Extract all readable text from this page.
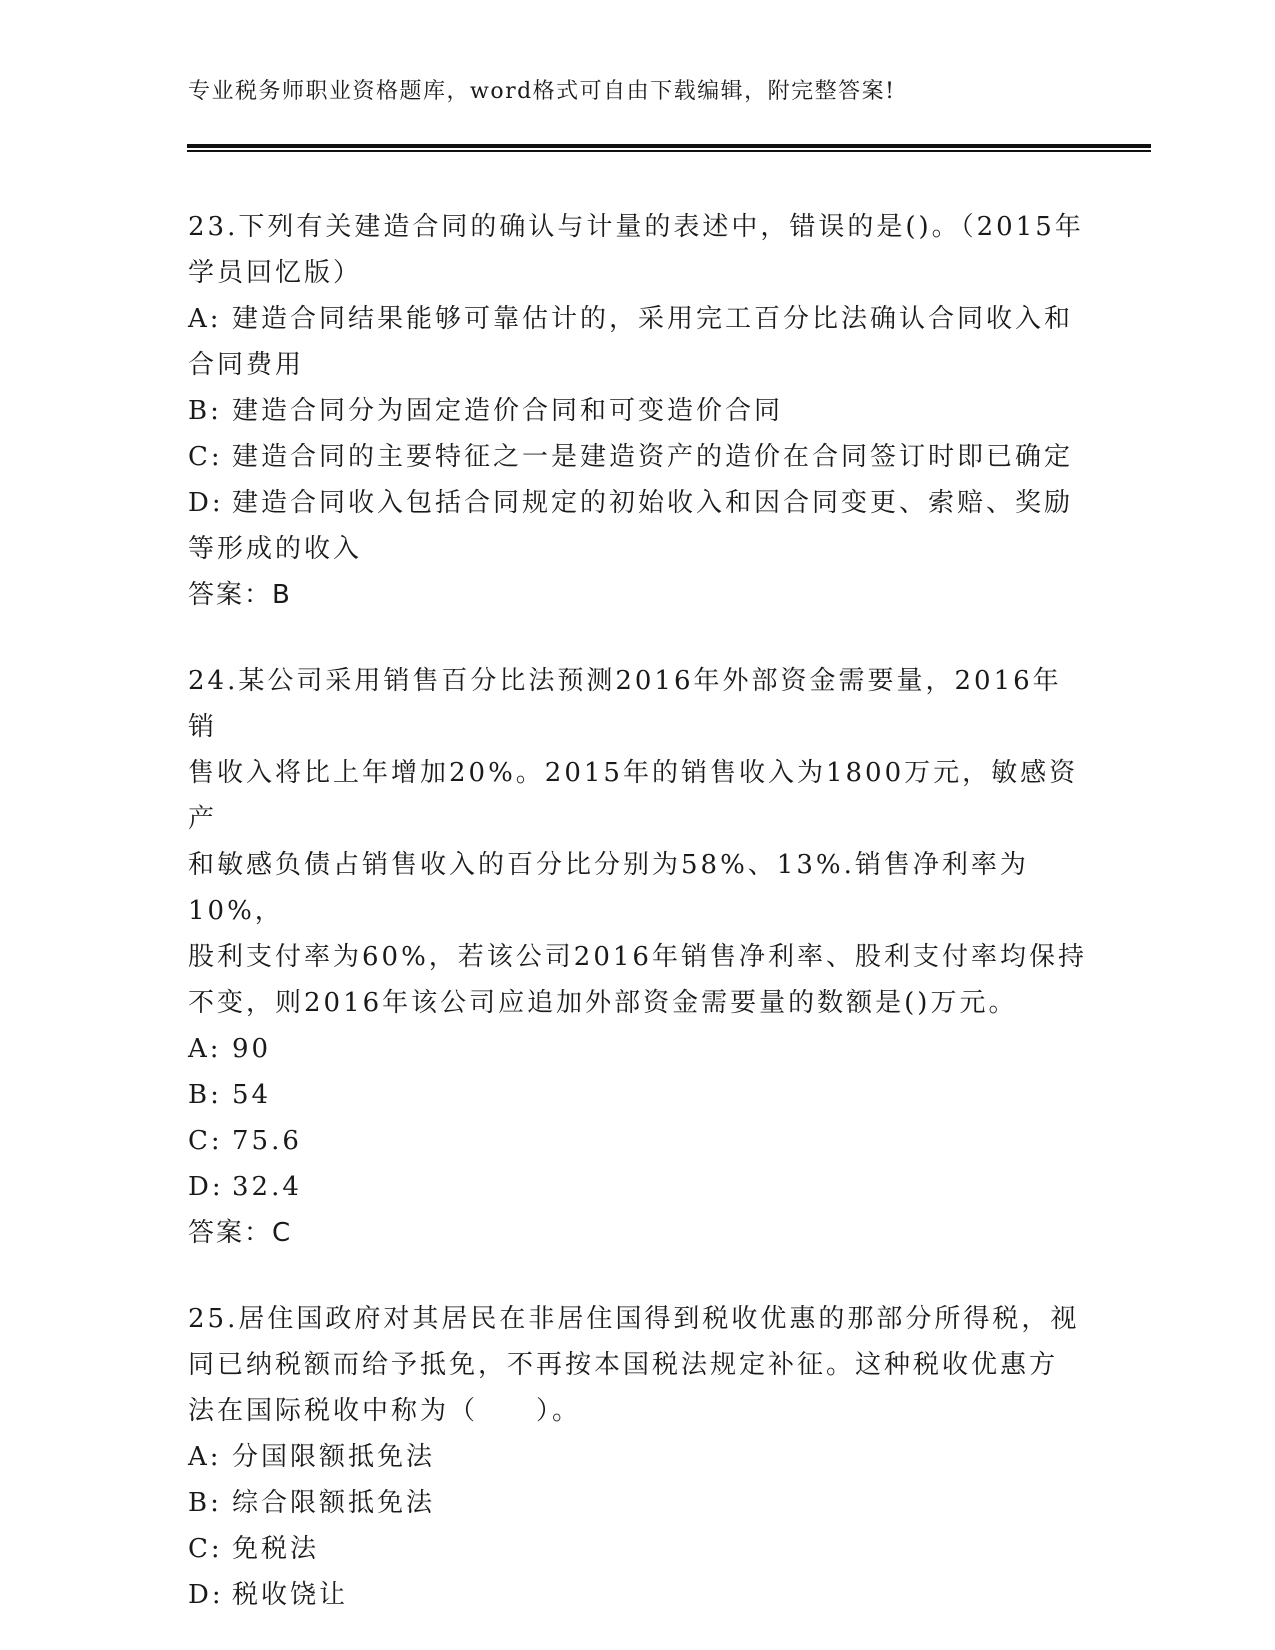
专业税务师职业资格题库，word格式可自由下载编辑，附完整答案!

23.下列有关建造合同的确认与计量的表述中，错误的是()。（2015年

学员回忆版）

A: 建造合同结果能够可靠估计的，采用完工百分比法确认合同收入和

合同费用

B: 建造合同分为固定造价合同和可变造价合同

C: 建造合同的主要特征之一是建造资产的造价在合同签订时即已确定

D: 建造合同收入包括合同规定的初始收入和因合同变更、索赔、奖励

等形成的收入

答案：B

24.某公司采用销售百分比法预测2016年外部资金需要量，2016年销

售收入将比上年增加20%。2015年的销售收入为1800万元，敏感资产

和敏感负债占销售收入的百分比分别为58%、13%.销售净利率为10%，

股利支付率为60%，若该公司2016年销售净利率、股利支付率均保持

不变，则2016年该公司应追加外部资金需要量的数额是()万元。

A: 90

B: 54

C: 75.6

D: 32.4

答案：C

25.居住国政府对其居民在非居住国得到税收优惠的那部分所得税，视

同已纳税额而给予抵免，不再按本国税法规定补征。这种税收优惠方

法在国际税收中称为（　　）。

A: 分国限额抵免法

B: 综合限额抵免法

C: 免税法

D: 税收饶让
